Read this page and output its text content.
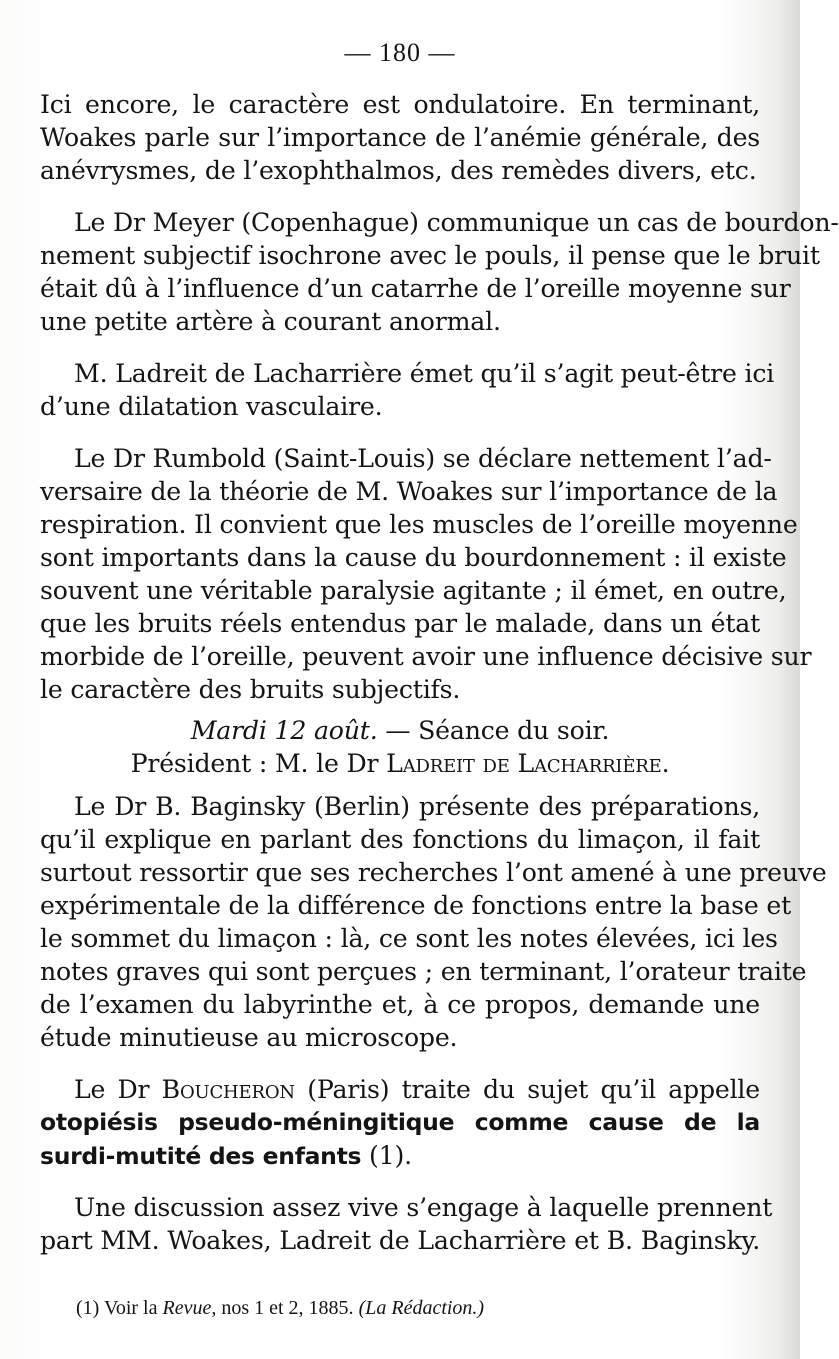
— 180 —
Ici encore, le caractère est ondulatoire. En terminant,
Woakes parle sur l’importance de l’anémie générale, des
anévrysmes, de l’exophthalmos, des remèdes divers, etc.
Le Dr Meyer (Copenhague) communique un cas de bourdon-
nement subjectif isochrone avec le pouls, il pense que le bruit
était dû à l’influence d’un catarrhe de l’oreille moyenne sur
une petite artère à courant anormal.
M. Ladreit de Lacharrière émet qu’il s’agit peut-être ici
d’une dilatation vasculaire.
Le Dr Rumbold (Saint-Louis) se déclare nettement l’ad-
versaire de la théorie de M. Woakes sur l’importance de la
respiration. Il convient que les muscles de l’oreille moyenne
sont importants dans la cause du bourdonnement : il existe
souvent une véritable paralysie agitante ; il émet, en outre,
que les bruits réels entendus par le malade, dans un état
morbide de l’oreille, peuvent avoir une influence décisive sur
le caractère des bruits subjectifs.
Mardi 12 août. — Séance du soir.
Président : M. le Dr Ladreit de Lacharrière.
Le Dr B. Baginsky (Berlin) présente des préparations,
qu’il explique en parlant des fonctions du limaçon, il fait
surtout ressortir que ses recherches l’ont amené à une preuve
expérimentale de la différence de fonctions entre la base et
le sommet du limaçon : là, ce sont les notes élevées, ici les
notes graves qui sont perçues ; en terminant, l’orateur traite
de l’examen du labyrinthe et, à ce propos, demande une
étude minutieuse au microscope.
Le Dr Boucheron (Paris) traite du sujet qu’il appelle
otopiésis pseudo-méningitique comme cause de la
surdi-mutité des enfants (1).
Une discussion assez vive s’engage à laquelle prennent
part MM. Woakes, Ladreit de Lacharrière et B. Baginsky.
(1) Voir la Revue, nos 1 et 2, 1885. (La Rédaction.)
